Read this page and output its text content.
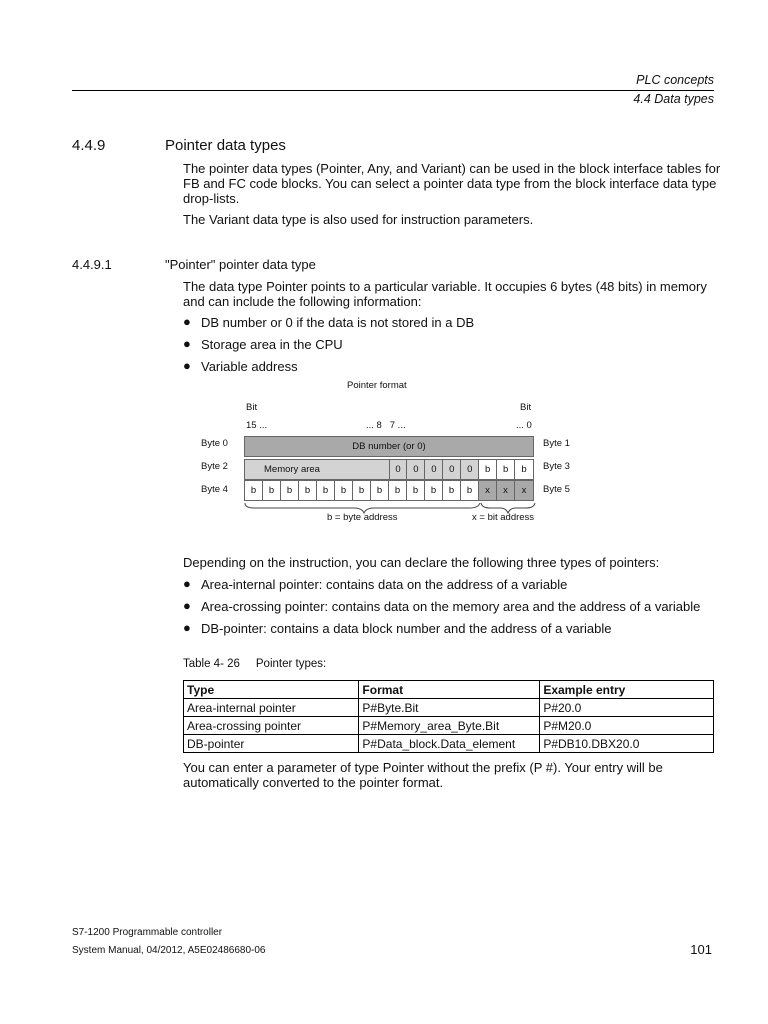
PLC concepts
4.4 Data types
4.4.9	Pointer data types
The pointer data types (Pointer, Any, and Variant) can be used in the block interface tables for FB and FC code blocks. You can select a pointer data type from the block interface data type drop-lists.
The Variant data type is also used for instruction parameters.
4.4.9.1	"Pointer" pointer data type
The data type Pointer points to a particular variable. It occupies 6 bytes (48 bits) in memory and can include the following information:
● DB number or 0 if the data is not stored in a DB
● Storage area in the CPU
● Variable address
Pointer format
Bit	Bit
15 ...	... 8   7 ...	... 0
Byte 0
Byte 2
Byte 4
Byte 1
Byte 3
Byte 5
DB number (or 0)
Memory area	0	0	0	0	0	b	b	b
b	b	b	b	b	b	b	b	b	b	b	b	b	x	x	x
b = byte address	x = bit address
Depending on the instruction, you can declare the following three types of pointers:
● Area-internal pointer: contains data on the address of a variable
● Area-crossing pointer: contains data on the memory area and the address of a variable
● DB-pointer: contains a data block number and the address of a variable
Table 4- 26     Pointer types:
Type	Format	Example entry
Area-internal pointer	P#Byte.Bit	P#20.0
Area-crossing pointer	P#Memory_area_Byte.Bit	P#M20.0
DB-pointer	P#Data_block.Data_element	P#DB10.DBX20.0
You can enter a parameter of type Pointer without the prefix (P #). Your entry will be automatically converted to the pointer format.
S7-1200 Programmable controller
System Manual, 04/2012, A5E02486680-06	101
